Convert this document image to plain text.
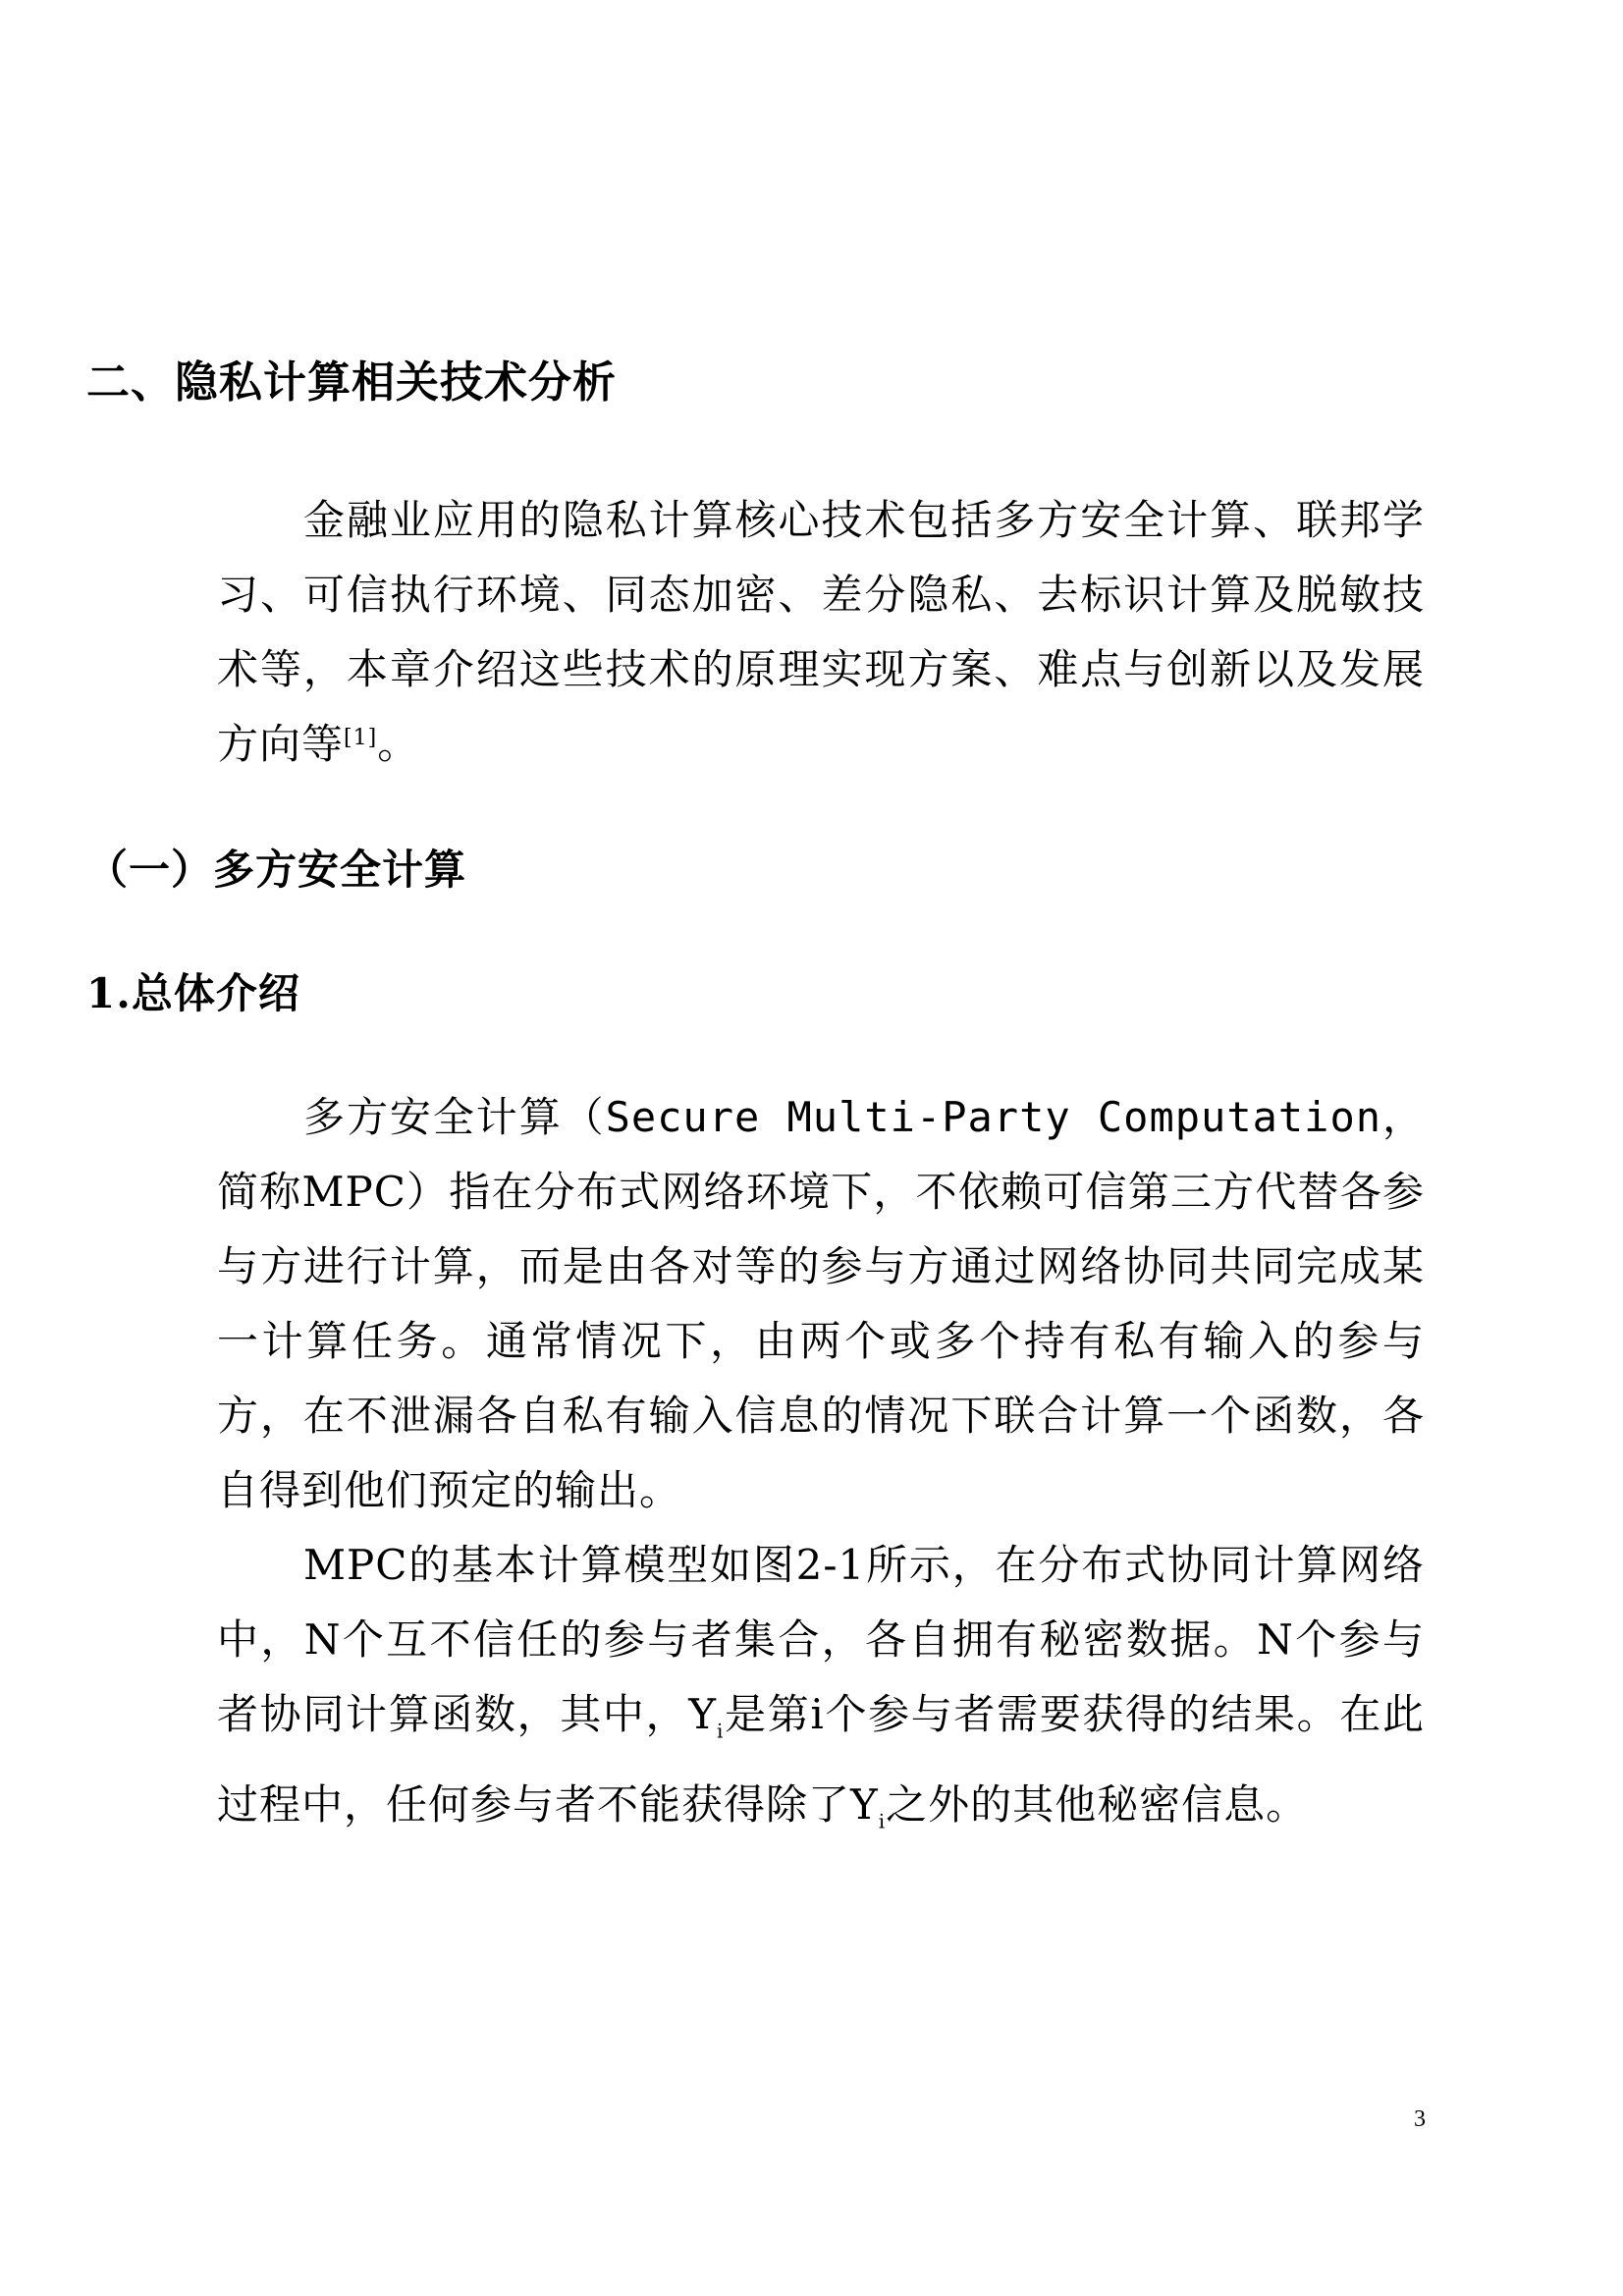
二、隐私计算相关技术分析

金融业应用的隐私计算核心技术包括多方安全计算、联邦学习、可信执行环境、同态加密、差分隐私、去标识计算及脱敏技术等，本章介绍这些技术的原理实现方案、难点与创新以及发展方向等[1]。

（一）多方安全计算
1.总体介绍

多方安全计算（Secure Multi-Party Computation，简称MPC）指在分布式网络环境下，不依赖可信第三方代替各参与方进行计算，而是由各对等的参与方通过网络协同共同完成某一计算任务。通常情况下，由两个或多个持有私有输入的参与方，在不泄漏各自私有输入信息的情况下联合计算一个函数，各自得到他们预定的输出。

MPC的基本计算模型如图2-1所示，在分布式协同计算网络中，N个互不信任的参与者集合，各自拥有秘密数据。N个参与者协同计算函数，其中，$Y_i$是第i个参与者需要获得的结果。在此过程中，任何参与者不能获得除了$Y_i$之外的其他秘密信息。

3
